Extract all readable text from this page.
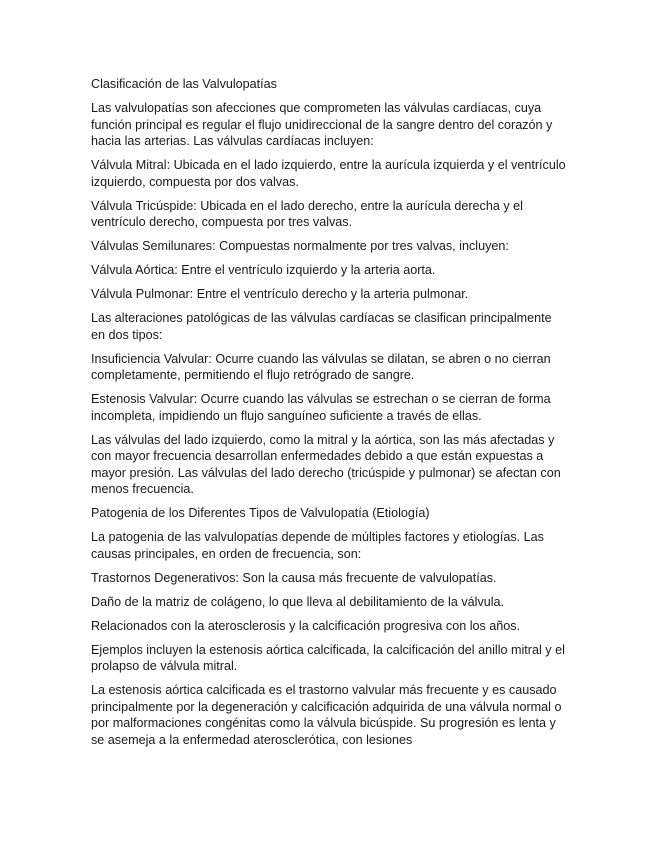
Clasificación de las Valvulopatías

Las valvulopatías son afecciones que comprometen las válvulas cardíacas, cuya función principal es regular el flujo unidireccional de la sangre dentro del corazón y hacia las arterias. Las válvulas cardíacas incluyen:

Válvula Mitral: Ubicada en el lado izquierdo, entre la aurícula izquierda y el ventrículo izquierdo, compuesta por dos valvas.

Válvula Tricúspide: Ubicada en el lado derecho, entre la aurícula derecha y el ventrículo derecho, compuesta por tres valvas.

Válvulas Semilunares: Compuestas normalmente por tres valvas, incluyen:

Válvula Aórtica: Entre el ventrículo izquierdo y la arteria aorta.

Válvula Pulmonar: Entre el ventrículo derecho y la arteria pulmonar.

Las alteraciones patológicas de las válvulas cardíacas se clasifican principalmente en dos tipos:

Insuficiencia Valvular: Ocurre cuando las válvulas se dilatan, se abren o no cierran completamente, permitiendo el flujo retrógrado de sangre.

Estenosis Valvular: Ocurre cuando las válvulas se estrechan o se cierran de forma incompleta, impidiendo un flujo sanguíneo suficiente a través de ellas.

Las válvulas del lado izquierdo, como la mitral y la aórtica, son las más afectadas y con mayor frecuencia desarrollan enfermedades debido a que están expuestas a mayor presión. Las válvulas del lado derecho (tricúspide y pulmonar) se afectan con menos frecuencia.

Patogenia de los Diferentes Tipos de Valvulopatía (Etiología)

La patogenia de las valvulopatías depende de múltiples factores y etiologías. Las causas principales, en orden de frecuencia, son:

Trastornos Degenerativos: Son la causa más frecuente de valvulopatías.

Daño de la matriz de colágeno, lo que lleva al debilitamiento de la válvula.

Relacionados con la aterosclerosis y la calcificación progresiva con los años.

Ejemplos incluyen la estenosis aórtica calcificada, la calcificación del anillo mitral y el prolapso de válvula mitral.

La estenosis aórtica calcificada es el trastorno valvular más frecuente y es causado principalmente por la degeneración y calcificación adquirida de una válvula normal o por malformaciones congénitas como la válvula bicúspide. Su progresión es lenta y se asemeja a la enfermedad aterosclerótica, con lesiones
